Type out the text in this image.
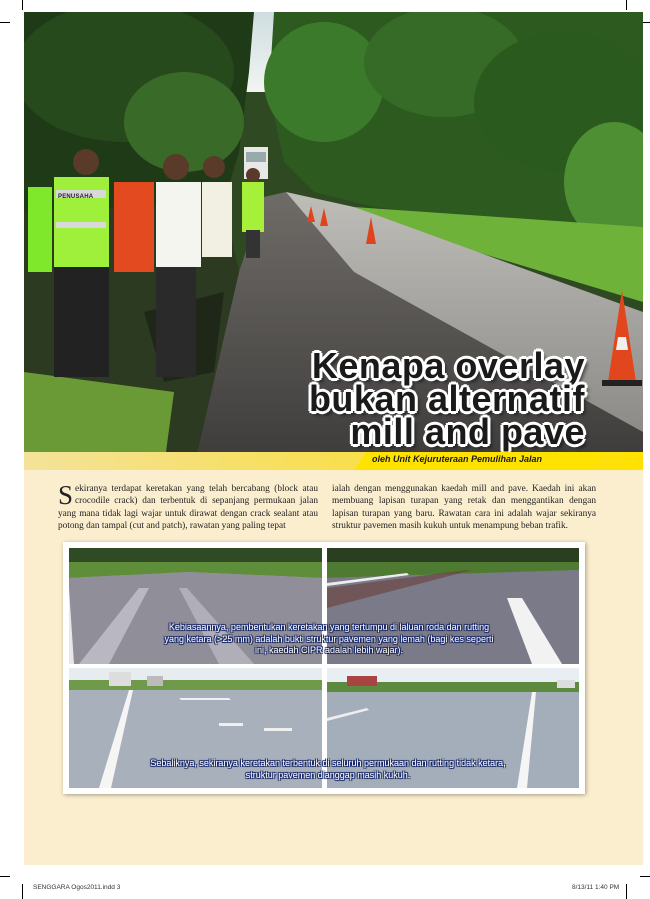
PENUSAHA
Kenapa overlay
bukan alternatif
mill and pave
oleh Unit Kejuruteraan Pemulihan Jalan
Sekiranya terdapat keretakan yang telah bercabang (block atau crocodile crack) dan terbentuk di sepanjang permukaan jalan yang mana tidak lagi wajar untuk dirawat dengan crack sealant atau potong dan tampal (cut and patch), rawatan yang paling tepat
ialah dengan menggunakan kaedah mill and pave. Kaedah ini akan membuang lapisan turapan yang retak dan menggantikan dengan lapisan turapan yang baru. Rawatan cara ini adalah wajar sekiranya struktur pavemen masih kukuh untuk menampung beban trafik.
Kebiasaannya, pembentukan keretakan yang tertumpu di laluan roda dan rutting yang ketara (>25 mm) adalah bukti struktur pavemen yang lemah (bagi kes seperti ini, kaedah CIPR adalah lebih wajar).
Sebaliknya, sekiranya keretakan terbentuk di seluruh permukaan dan rutting tidak ketara, struktur pavemen dianggap masih kukuh.
SENGGARA Ogos2011.indd 3	8/13/11 1:40 PM
